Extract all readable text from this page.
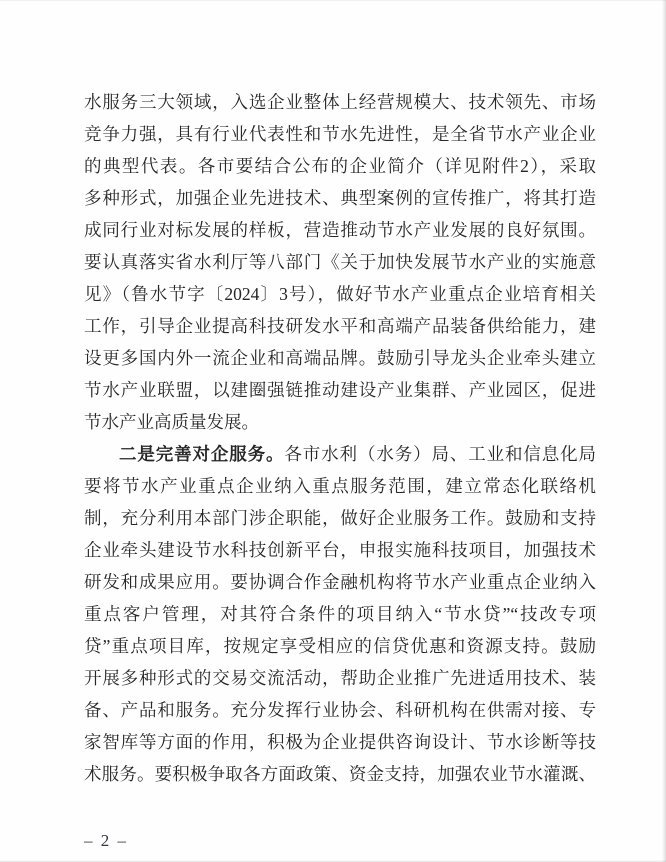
水服务三大领域，入选企业整体上经营规模大、技术领先、市场
竞争力强，具有行业代表性和节水先进性，是全省节水产业企业
的典型代表。各市要结合公布的企业简介（详见附件2），采取
多种形式，加强企业先进技术、典型案例的宣传推广，将其打造
成同行业对标发展的样板，营造推动节水产业发展的良好氛围。
要认真落实省水利厅等八部门《关于加快发展节水产业的实施意
见》（鲁水节字〔2024〕3号），做好节水产业重点企业培育相关
工作，引导企业提高科技研发水平和高端产品装备供给能力，建
设更多国内外一流企业和高端品牌。鼓励引导龙头企业牵头建立
节水产业联盟，以建圈强链推动建设产业集群、产业园区，促进
节水产业高质量发展。
二是完善对企服务。各市水利（水务）局、工业和信息化局
要将节水产业重点企业纳入重点服务范围，建立常态化联络机
制，充分利用本部门涉企职能，做好企业服务工作。鼓励和支持
企业牵头建设节水科技创新平台，申报实施科技项目，加强技术
研发和成果应用。要协调合作金融机构将节水产业重点企业纳入
重点客户管理，对其符合条件的项目纳入“节水贷”“技改专项
贷”重点项目库，按规定享受相应的信贷优惠和资源支持。鼓励
开展多种形式的交易交流活动，帮助企业推广先进适用技术、装
备、产品和服务。充分发挥行业协会、科研机构在供需对接、专
家智库等方面的作用，积极为企业提供咨询设计、节水诊断等技
术服务。要积极争取各方面政策、资金支持，加强农业节水灌溉、
– 2 –
